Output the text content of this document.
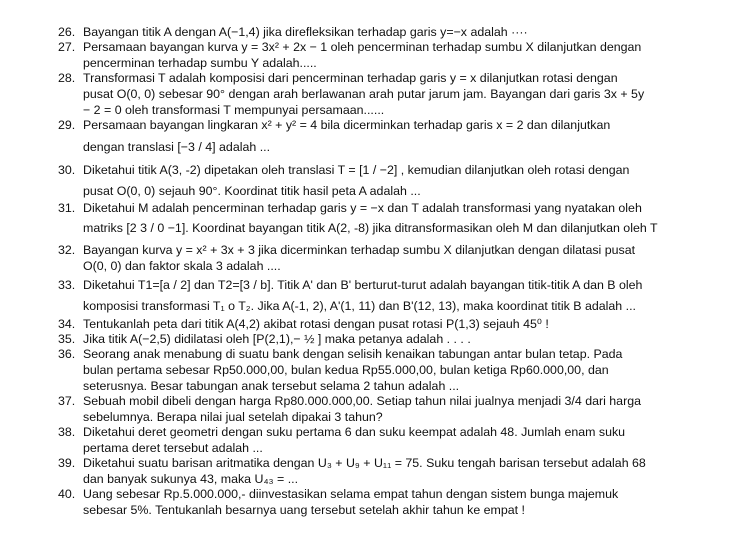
26. Bayangan titik A dengan A(−1,4) jika direfleksikan terhadap garis y=−x adalah ····
27. Persamaan bayangan kurva y = 3x² + 2x − 1 oleh pencerminan terhadap sumbu X dilanjutkan dengan
pencerminan terhadap sumbu Y adalah.....
28. Transformasi T adalah komposisi dari pencerminan terhadap garis y = x dilanjutkan rotasi dengan
pusat O(0, 0) sebesar 90° dengan arah berlawanan arah putar jarum jam. Bayangan dari garis 3x + 5y
− 2 = 0 oleh transformasi T mempunyai persamaan......
29. Persamaan bayangan lingkaran x² + y² = 4 bila dicerminkan terhadap garis x = 2 dan dilanjutkan
dengan translasi [−3 / 4] adalah ...
30. Diketahui titik A(3, -2) dipetakan oleh translasi T = [1 / −2] , kemudian dilanjutkan oleh rotasi dengan
pusat O(0, 0) sejauh 90°. Koordinat titik hasil peta A adalah ...
31. Diketahui M adalah pencerminan terhadap garis y = −x dan T adalah transformasi yang nyatakan oleh
matriks [2 3 / 0 −1]. Koordinat bayangan titik A(2, -8) jika ditransformasikan oleh M dan dilanjutkan oleh T
32. Bayangan kurva y = x² + 3x + 3 jika dicerminkan terhadap sumbu X dilanjutkan dengan dilatasi pusat
O(0, 0) dan faktor skala 3 adalah ....
33. Diketahui T1=[a / 2] dan T2=[3 / b]. Titik A' dan B' berturut-turut adalah bayangan titik-titik A dan B oleh
komposisi transformasi T₁ o T₂. Jika A(-1, 2), A'(1, 11) dan B'(12, 13), maka koordinat titik B adalah ...
34. Tentukanlah peta dari titik A(4,2) akibat rotasi dengan pusat rotasi P(1,3) sejauh 45⁰ !
35. Jika titik A(−2,5) didilatasi oleh [P(2,1),− ½ ] maka petanya adalah . . . .
36. Seorang anak menabung di suatu bank dengan selisih kenaikan tabungan antar bulan tetap. Pada
bulan pertama sebesar Rp50.000,00, bulan kedua Rp55.000,00, bulan ketiga Rp60.000,00, dan
seterusnya. Besar tabungan anak tersebut selama 2 tahun adalah ...
37. Sebuah mobil dibeli dengan harga Rp80.000.000,00. Setiap tahun nilai jualnya menjadi 3/4 dari harga
sebelumnya. Berapa nilai jual setelah dipakai 3 tahun?
38. Diketahui deret geometri dengan suku pertama 6 dan suku keempat adalah 48. Jumlah enam suku
pertama deret tersebut adalah ...
39. Diketahui suatu barisan aritmatika dengan U₃ + U₉ + U₁₁ = 75. Suku tengah barisan tersebut adalah 68
dan banyak sukunya 43, maka U₄₃ = ...
40. Uang sebesar Rp.5.000.000,- diinvestasikan selama empat tahun dengan sistem bunga majemuk
sebesar 5%. Tentukanlah besarnya uang tersebut setelah akhir tahun ke empat !
